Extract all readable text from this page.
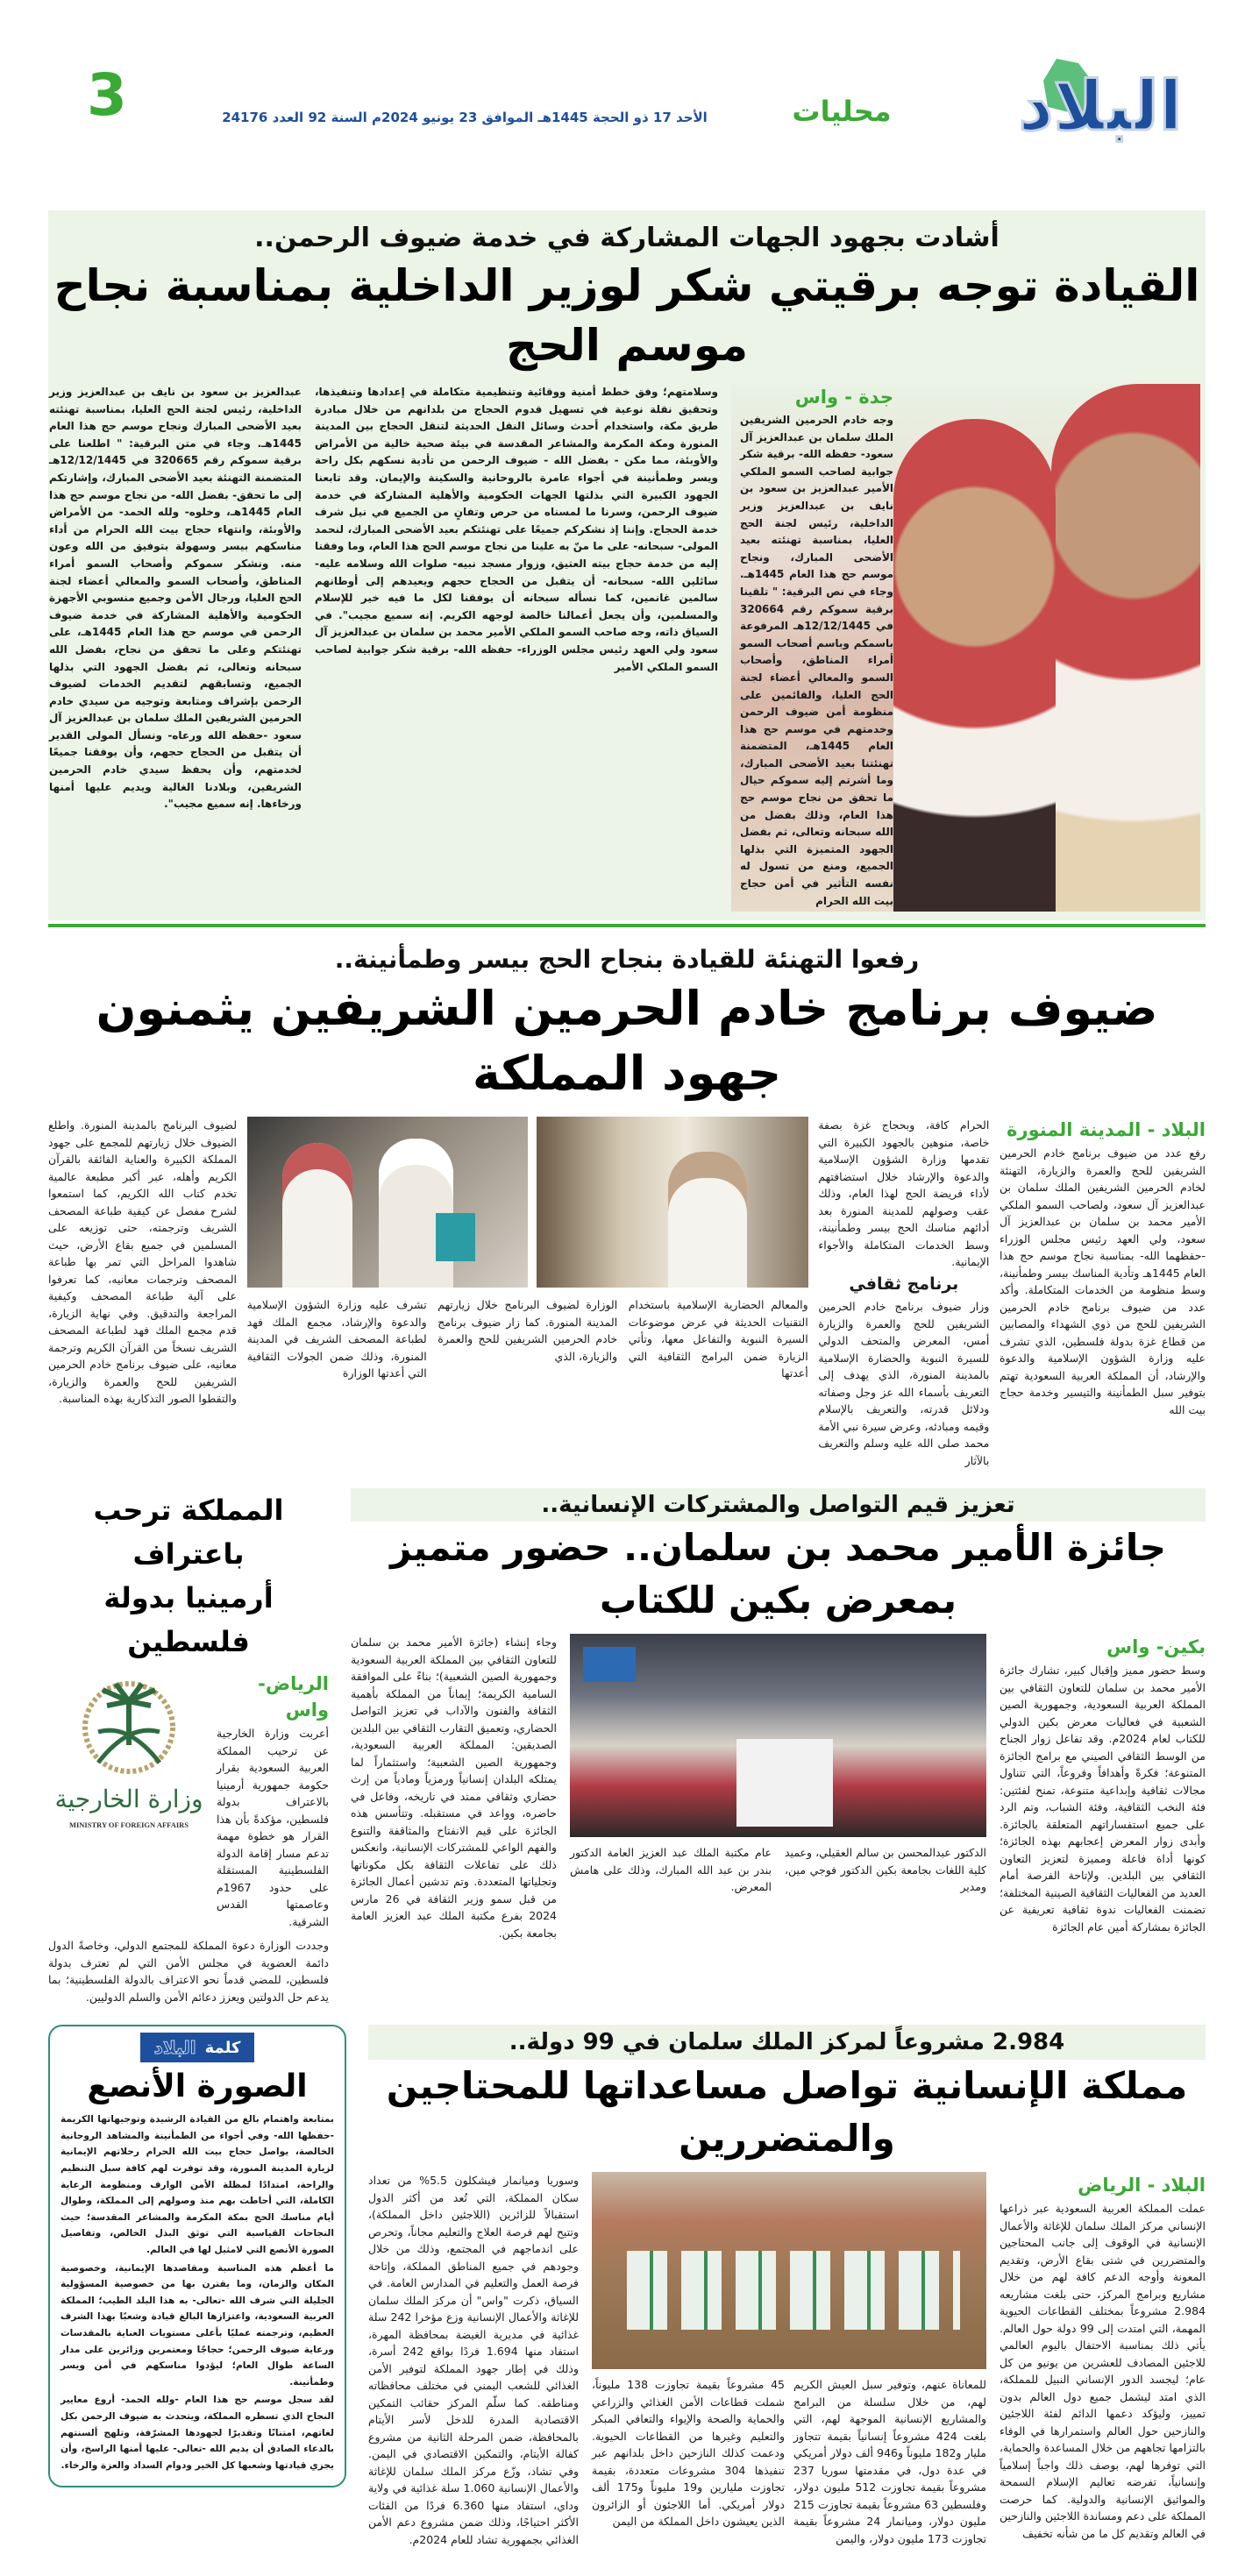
البلاد
محليات
الأحد 17 ذو الحجة 1445هـ الموافق 23 يونيو 2024م السنة 92 العدد 24176
3
أشادت بجهود الجهات المشاركة في خدمة ضيوف الرحمن..
القيادة توجه برقيتي شكر لوزير الداخلية بمناسبة نجاح موسم الحج
جدة - واس

وجه خادم الحرمين الشريفين الملك سلمان بن عبدالعزيز آل سعود- حفظه الله- برقية شكر جوابية لصاحب السمو الملكي الأمير عبدالعزيز بن سعود بن نايف بن عبدالعزيز وزير الداخلية، رئيس لجنة الحج العليا، بمناسبة تهنئته بعيد الأضحى المبارك، ونجاح موسم حج هذا العام 1445هـ. وجاء في نص البرقية: " تلقينا برقية سموكم رقم 320664 في 12/12/1445هـ المرفوعة باسمكم وباسم أصحاب السمو أمراء المناطق، وأصحاب السمو والمعالي أعضاء لجنة الحج العليا، والقائمين على منظومة أمن ضيوف الرحمن وخدمتهم في موسم حج هذا العام 1445هـ، المتضمنة تهنئتنا بعيد الأضحى المبارك، وما أشرتم إليه سموكم حيال ما تحقق من نجاح موسم حج هذا العام، وذلك بفضل من الله سبحانه وتعالى، ثم بفضل الجهود المتميزة التي بذلها الجميع، ومنع من تسول له نفسه التأثير في أمن حجاج بيت الله الحرام

وسلامتهم؛ وفق خطط أمنية ووقائية وتنظيمية متكاملة في إعدادها وتنفيذها، وتحقيق نقلة نوعية في تسهيل قدوم الحجاج من بلدانهم من خلال مبادرة طريق مكة، واستخدام أحدث وسائل النقل الحديثة لتنقل الحجاج بين المدينة المنورة ومكة المكرمة والمشاعر المقدسة في بيئة صحية خالية من الأمراض والأوبئة، مما مكن - بفضل الله - ضيوف الرحمن من تأدية نسكهم بكل راحة ويسر وطمأنينة في أجواء عامرة بالروحانية والسكينة والإيمان. وقد تابعنا الجهود الكبيرة التي بذلتها الجهات الحكومية والأهلية المشاركة في خدمة ضيوف الرحمن، وسرنا ما لمسناه من حرص وتفانٍ من الجميع في نيل شرف خدمة الحجاج. وإننا إذ نشكركم جميعًا على تهنئتكم بعيد الأضحى المبارك، لنحمد المولى- سبحانه- على ما منّ به علينا من نجاح موسم الحج هذا العام، وما وفقنا إليه من خدمة حجاج بيته العتيق، وزوار مسجد نبيه- صلوات الله وسلامه عليه- سائلين الله- سبحانه- أن يتقبل من الحجاج حجهم ويعيدهم إلى أوطانهم سالمين غانمين، كما نسأله سبحانه أن يوفقنا لكل ما فيه خير للإسلام والمسلمين، وأن يجعل أعمالنا خالصة لوجهه الكريم. إنه سميع مجيب". في السياق ذاته، وجه صاحب السمو الملكي الأمير محمد بن سلمان بن عبدالعزيز آل سعود ولي العهد رئيس مجلس الوزراء- حفظه الله- برقية شكر جوابية لصاحب السمو الملكي الأمير

عبدالعزيز بن سعود بن نايف بن عبدالعزيز وزير الداخلية، رئيس لجنة الحج العليا، بمناسبة تهنئته بعيد الأضحى المبارك ونجاح موسم حج هذا العام 1445هـ. وجاء في متن البرقية: " اطلعنا على برقية سموكم رقم 320665 في 12/12/1445هـ المتضمنة التهنئة بعيد الأضحى المبارك، وإشارتكم إلى ما تحقق- بفضل الله- من نجاح موسم حج هذا العام 1445هـ، وخلوه- ولله الحمد- من الأمراض والأوبئة، وانتهاء حجاج بيت الله الحرام من أداء مناسكهم بيسر وسهولة بتوفيق من الله وعون منه. ونشكر سموكم وأصحاب السمو أمراء المناطق، وأصحاب السمو والمعالي أعضاء لجنة الحج العليا، ورجال الأمن وجميع منسوبي الأجهزة الحكومية والأهلية المشاركة في خدمة ضيوف الرحمن في موسم حج هذا العام 1445هـ، على تهنئتكم وعلى ما تحقق من نجاح، بفضل الله سبحانه وتعالى، ثم بفضل الجهود التي بذلها الجميع، وتسابقهم لتقديم الخدمات لضيوف الرحمن بإشراف ومتابعة وتوجيه من سيدي خادم الحرمين الشريفين الملك سلمان بن عبدالعزيز آل سعود -حفظه الله ورعاه- ونسأل المولى القدير أن يتقبل من الحجاج حجهم، وأن يوفقنا جميعًا لخدمتهم، وأن يحفظ سيدي خادم الحرمين الشريفين، وبلادنا الغالية ويديم عليها أمنها ورخاءها. إنه سميع مجيب".

رفعوا التهنئة للقيادة بنجاح الحج بيسر وطمأنينة..
ضيوف برنامج خادم الحرمين الشريفين يثمنون جهود المملكة
البلاد - المدينة المنورة

رفع عدد من ضيوف برنامج خادم الحرمين الشريفين للحج والعمرة والزيارة، التهنئة لخادم الحرمين الشريفين الملك سلمان بن عبدالعزيز آل سعود، ولصاحب السمو الملكي الأمير محمد بن سلمان بن عبدالعزيز آل سعود، ولي العهد رئيس مجلس الوزراء -حفظهما الله- بمناسبة نجاح موسم حج هذا العام 1445هـ وتأدية المناسك بيسر وطمأنينة، وسط منظومة من الخدمات المتكاملة. وأكد عدد من ضيوف برنامج خادم الحرمين الشريفين للحج من ذوي الشهداء والمصابين من قطاع غزة بدولة فلسطين، الذي تشرف عليه وزارة الشؤون الإسلامية والدعوة والإرشاد، أن المملكة العربية السعودية تهتم بتوفير سبل الطمأنينة والتيسير وخدمة حجاج بيت الله

الحرام كافة، وبحجاج غزة بصفة خاصة، منوهين بالجهود الكبيرة التي تقدمها وزارة الشؤون الإسلامية والدعوة والإرشاد خلال استضافتهم لأداء فريضة الحج لهذا العام، وذلك عقب وصولهم للمدينة المنورة بعد أدائهم مناسك الحج بيسر وطمأنينة، وسط الخدمات المتكاملة والأجواء الإيمانية.

برنامج ثقافي

وزار ضيوف برنامج خادم الحرمين الشريفين للحج والعمرة والزيارة أمس، المعرض والمتحف الدولي للسيرة النبوية والحضارة الإسلامية بالمدينة المنورة، الذي يهدف إلى التعريف بأسماء الله عز وجل وصفاته ودلائل قدرته، والتعريف بالإسلام وقيمه ومبادئه، وعرض سيرة نبي الأمة محمد صلى الله عليه وسلم والتعريف بالآثار

والمعالم الحضارية الإسلامية باستخدام التقنيات الحديثة في عرض موضوعات السيرة النبوية والتفاعل معها، وتأتي الزيارة ضمن البرامج الثقافية التي أعدتها

الوزارة لضيوف البرنامج خلال زيارتهم المدينة المنورة. كما زار ضيوف برنامج خادم الحرمين الشريفين للحج والعمرة والزيارة، الذي

تشرف عليه وزارة الشؤون الإسلامية والدعوة والإرشاد، مجمع الملك فهد لطباعة المصحف الشريف في المدينة المنورة، وذلك ضمن الجولات الثقافية التي أعدتها الوزارة

لضيوف البرنامج بالمدينة المنورة. واطلع الضيوف خلال زيارتهم للمجمع على جهود المملكة الكبيرة والعناية الفائقة بالقرآن الكريم وأهله، عبر أكبر مطبعة عالمية تخدم كتاب الله الكريم، كما استمعوا لشرح مفصل عن كيفية طباعة المصحف الشريف وترجمته، حتى توزيعه على المسلمين في جميع بقاع الأرض، حيث شاهدوا المراحل التي تمر بها طباعة المصحف وترجمات معانيه، كما تعرفوا على آلية طباعة المصحف وكيفية المراجعة والتدقيق. وفي نهاية الزيارة، قدم مجمع الملك فهد لطباعة المصحف الشريف نسخاً من القرآن الكريم وترجمة معانيه، على ضيوف برنامج خادم الحرمين الشريفين للحج والعمرة والزيارة، والتقطوا الصور التذكارية بهذه المناسبة.

تعزيز قيم التواصل والمشتركات الإنسانية..
جائزة الأمير محمد بن سلمان.. حضور متميز بمعرض بكين للكتاب
بكين- واس

وسط حضور مميز وإقبال كبير، تشارك جائزة الأمير محمد بن سلمان للتعاون الثقافي بين المملكة العربية السعودية، وجمهورية الصين الشعبية في فعاليات معرض بكين الدولي للكتاب لعام 2024م. وقد تفاعل زوار الجناح من الوسط الثقافي الصيني مع برامج الجائزة المتنوعة؛ فكرةً وأهدافاً وفروعاً، التي تتناول مجالات ثقافية وإبداعية متنوعة، تمنح لفئتين: فئة النخب الثقافية، وفئة الشباب، وتم الرد على جميع استفساراتهم المتعلقة بالجائزة. وأبدى زوار المعرض إعجابهم بهذه الجائزة؛ كونها أداة فاعلة ومميزة لتعزيز التعاون الثقافي بين البلدين. ولإتاحة الفرصة أمام العديد من الفعاليات الثقافية الصينية المختلفة؛ تضمنت الفعاليات ندوة ثقافية تعريفية عن الجائزة بمشاركة أمين عام الجائزة

الدكتور عبدالمحسن بن سالم العقيلي، وعميد كلية اللغات بجامعة بكين الدكتور فوجي مين، ومدير

عام مكتبة الملك عبد العزيز العامة الدكتور بندر بن عبد الله المبارك، وذلك على هامش المعرض.

وجاء إنشاء (جائزة الأمير محمد بن سلمان للتعاون الثقافي بين المملكة العربية السعودية وجمهورية الصين الشعبية)؛ بناءً على الموافقة السامية الكريمة؛ إيماناً من المملكة بأهمية الثقافة والفنون والآداب في تعزيز التواصل الحضاري، وتعميق التقارب الثقافي بين البلدين الصديقين: المملكة العربية السعودية، وجمهورية الصين الشعبية؛ واستثماراً لما يمتلكه البلدان إنسانياً ورمزياً ومادياً من إرث حضاري وثقافي ممتد في تاريخه، وفاعل في حاضره، وواعد في مستقبله. وتتأسس هذه الجائزة على قيم الانفتاح والمثاقفة والتنوع والفهم الواعي للمشتركات الإنسانية، وانعكس ذلك على تفاعلات الثقافة بكل مكوناتها وتجلياتها المتعددة. وتم تدشين أعمال الجائزة من قبل سمو وزير الثقافة في 26 مارس 2024 بفرع مكتبة الملك عبد العزيز العامة بجامعة بكين.

المملكة ترحب باعتراف
أرمينيا بدولة فلسطين
الرياض- واس

أعربت وزارة الخارجية عن ترحيب المملكة العربية السعودية بقرار حكومة جمهورية أرمينيا بالاعتراف بدولة فلسطين، مؤكدةً بأن هذا القرار هو خطوة مهمة تدعم مسار إقامة الدولة الفلسطينية المستقلة على حدود 1967م وعاصمتها القدس الشرقية.

وزارة الخارجية
MINISTRY OF FOREIGN AFFAIRS

وجددت الوزارة دعوة المملكة للمجتمع الدولي، وخاصةً الدول دائمة العضوية في مجلس الأمن التي لم تعترف بدولة فلسطين، للمضي قدماً نحو الاعتراف بالدولة الفلسطينية؛ بما يدعم حل الدولتين ويعزز دعائم الأمن والسلم الدوليين.

2.984 مشروعاً لمركز الملك سلمان في 99 دولة..
مملكة الإنسانية تواصل مساعداتها للمحتاجين والمتضررين
البلاد - الرياض

عملت المملكة العربية السعودية عبر ذراعها الإنساني مركز الملك سلمان للإغاثة والأعمال الإنسانية في الوقوف إلى جانب المحتاجين والمتضررين في شتى بقاع الأرض، وتقديم المعونة وأوجه الدعم كافة لهم من خلال مشاريع وبرامج المركز، حتى بلغت مشاريعه 2.984 مشروعاً بمختلف القطاعات الحيوية المهمة، التي امتدت إلى 99 دولة حول العالم. يأتي ذلك بمناسبة الاحتفال باليوم العالمي للاجئين المصادف للعشرين من يونيو من كل عام؛ ليجسد الدور الإنساني النبيل للمملكة، الذي امتد ليشمل جميع دول العالم بدون تمييز، وليؤكد دعمها الدائم لفئة اللاجئين والنازحين حول العالم واستمرارها في الوفاء بالتزامها تجاههم من خلال المساعدة والحماية، التي توفرها لهم، بوصف ذلك واجباً إسلامياً وإنسانياً، تفرضه تعاليم الإسلام السمحة والمواثيق الإنسانية والدولية. كما حرصت المملكة على دعم ومساندة اللاجئين والنازحين في العالم وتقديم كل ما من شأنه تخفيف

للمعاناة عنهم، وتوفير سبل العيش الكريم لهم، من خلال سلسلة من البرامج والمشاريع الإنسانية الموجهة لهم، التي بلغت 424 مشروعاً إنسانياً بقيمة تتجاوز مليار و182 مليوناً و946 ألف دولار أمريكي في عدة دول، في مقدمتها سوريا 237 مشروعاً بقيمة تجاوزت 512 مليون دولار، وفلسطين 63 مشروعاً بقيمة تجاوزت 215 مليون دولار، وميانمار 24 مشروعاً بقيمة تجاوزت 173 مليون دولار، واليمن

45 مشروعاً بقيمة تجاوزت 138 مليوناً، شملت قطاعات الأمن الغذائي والزراعي والحماية والصحة والإيواء والتعافي المبكر والتعليم وغيرها من القطاعات الحيوية. ودعمت كذلك النازحين داخل بلدانهم عبر تنفيذها 304 مشروعات متعددة، بقيمة تجاوزت مليارين و19 مليوناً و175 ألف دولار أمريكي. أما اللاجئون أو الزائرون الذين يعيشون داخل المملكة من اليمن

وسوريا وميانمار فيشكلون 5.5% من تعداد سكان المملكة، التي تُعد من أكثر الدول استقبالاً للزائرين (اللاجئين داخل المملكة)، وتتيح لهم فرصة العلاج والتعليم مجاناً، وتحرص على اندماجهم في المجتمع، وذلك من خلال وجودهم في جميع المناطق المملكة، وإتاحة فرصة العمل والتعليم في المدارس العامة. في السياق، ذكرت "واس" أن مركز الملك سلمان للإغاثة والأعمال الإنسانية وزع مؤخرا 242 سلة غذائية في مديرية الغيضة بمحافظة المهرة، استفاد منها 1.694 فردًا بواقع 242 أسرة، وذلك في إطار جهود المملكة لتوفير الأمن الغذائي للشعب اليمني في مختلف محافظاته ومناطقه. كما سلّم المركز حقائب التمكين الاقتصادية المدرة للدخل لأسر الأيتام بالمحافظة، ضمن المرحلة الثانية من مشروع كفالة الأيتام، والتمكين الاقتصادي في اليمن. وفي تشاد، وزّع مركز الملك سلمان للإغاثة والأعمال الإنسانية 1.060 سلة غذائية في ولاية وداي، استفاد منها 6.360 فردًا من الفئات الأكثر احتياجًا، وذلك ضمن مشروع دعم الأمن الغذائي بجمهورية تشاد للعام 2024م.

كلمة
البلاد
الصورة الأنصع

بمتابعة واهتمام بالغ من القيادة الرشيدة وتوجيهاتها الكريمة -حفظها الله- وفي أجواء من الطمأنينة والمشاهد الروحانية الخالصة، يواصل حجاج بيت الله الحرام رحلاتهم الإيمانية لزيارة المدينة المنورة، وقد توفرت لهم كافة سبل التنظيم والراحة، امتدادًا لمظلة الأمن الوارف ومنظومة الرعاية الكاملة، التي أحاطت بهم منذ وصولهم إلى المملكة، وطوال أيام مناسك الحج بمكة المكرمة والمشاعر المقدسة؛ حيث النجاحات القياسية التي توثق البذل الخالص، وتفاصيل الصورة الأنصع التي لامثيل لها في العالم.

ما أعظم هذه المناسبة ومقاصدها الإيمانية، وخصوصية المكان والزمان، وما يقترن بها من خصوصية المسؤولية الجليلة التي شرف الله -تعالى- به هذا البلد الطيب؛ المملكة العربية السعودية، واعتزازها البالغ قيادة وشعبًا بهذا الشرف العظيم، وترجمته عمليًا بأعلى مستويات العناية بالمقدسات ورعاية ضيوف الرحمن؛ حجاجًا ومعتمرين وزائرين على مدار الساعة طوال العام؛ ليؤدوا مناسكهم في أمن ويسر وطمأنينة.

لقد سجل موسم حج هذا العام -ولله الحمد- أروع معايير النجاح الذي تسطره المملكة، ويتحدث به ضيوف الرحمن بكل لغاتهم، امتنانًا وتقديرًا لجهودها المشرّفة، وتلهج ألسنتهم بالدعاء الصادق أن يديم الله -تعالى- عليها أمنها الراسخ، وأن يجزي قيادتها وشعبها كل الخير ودوام السداد والعزة والرخاء.
